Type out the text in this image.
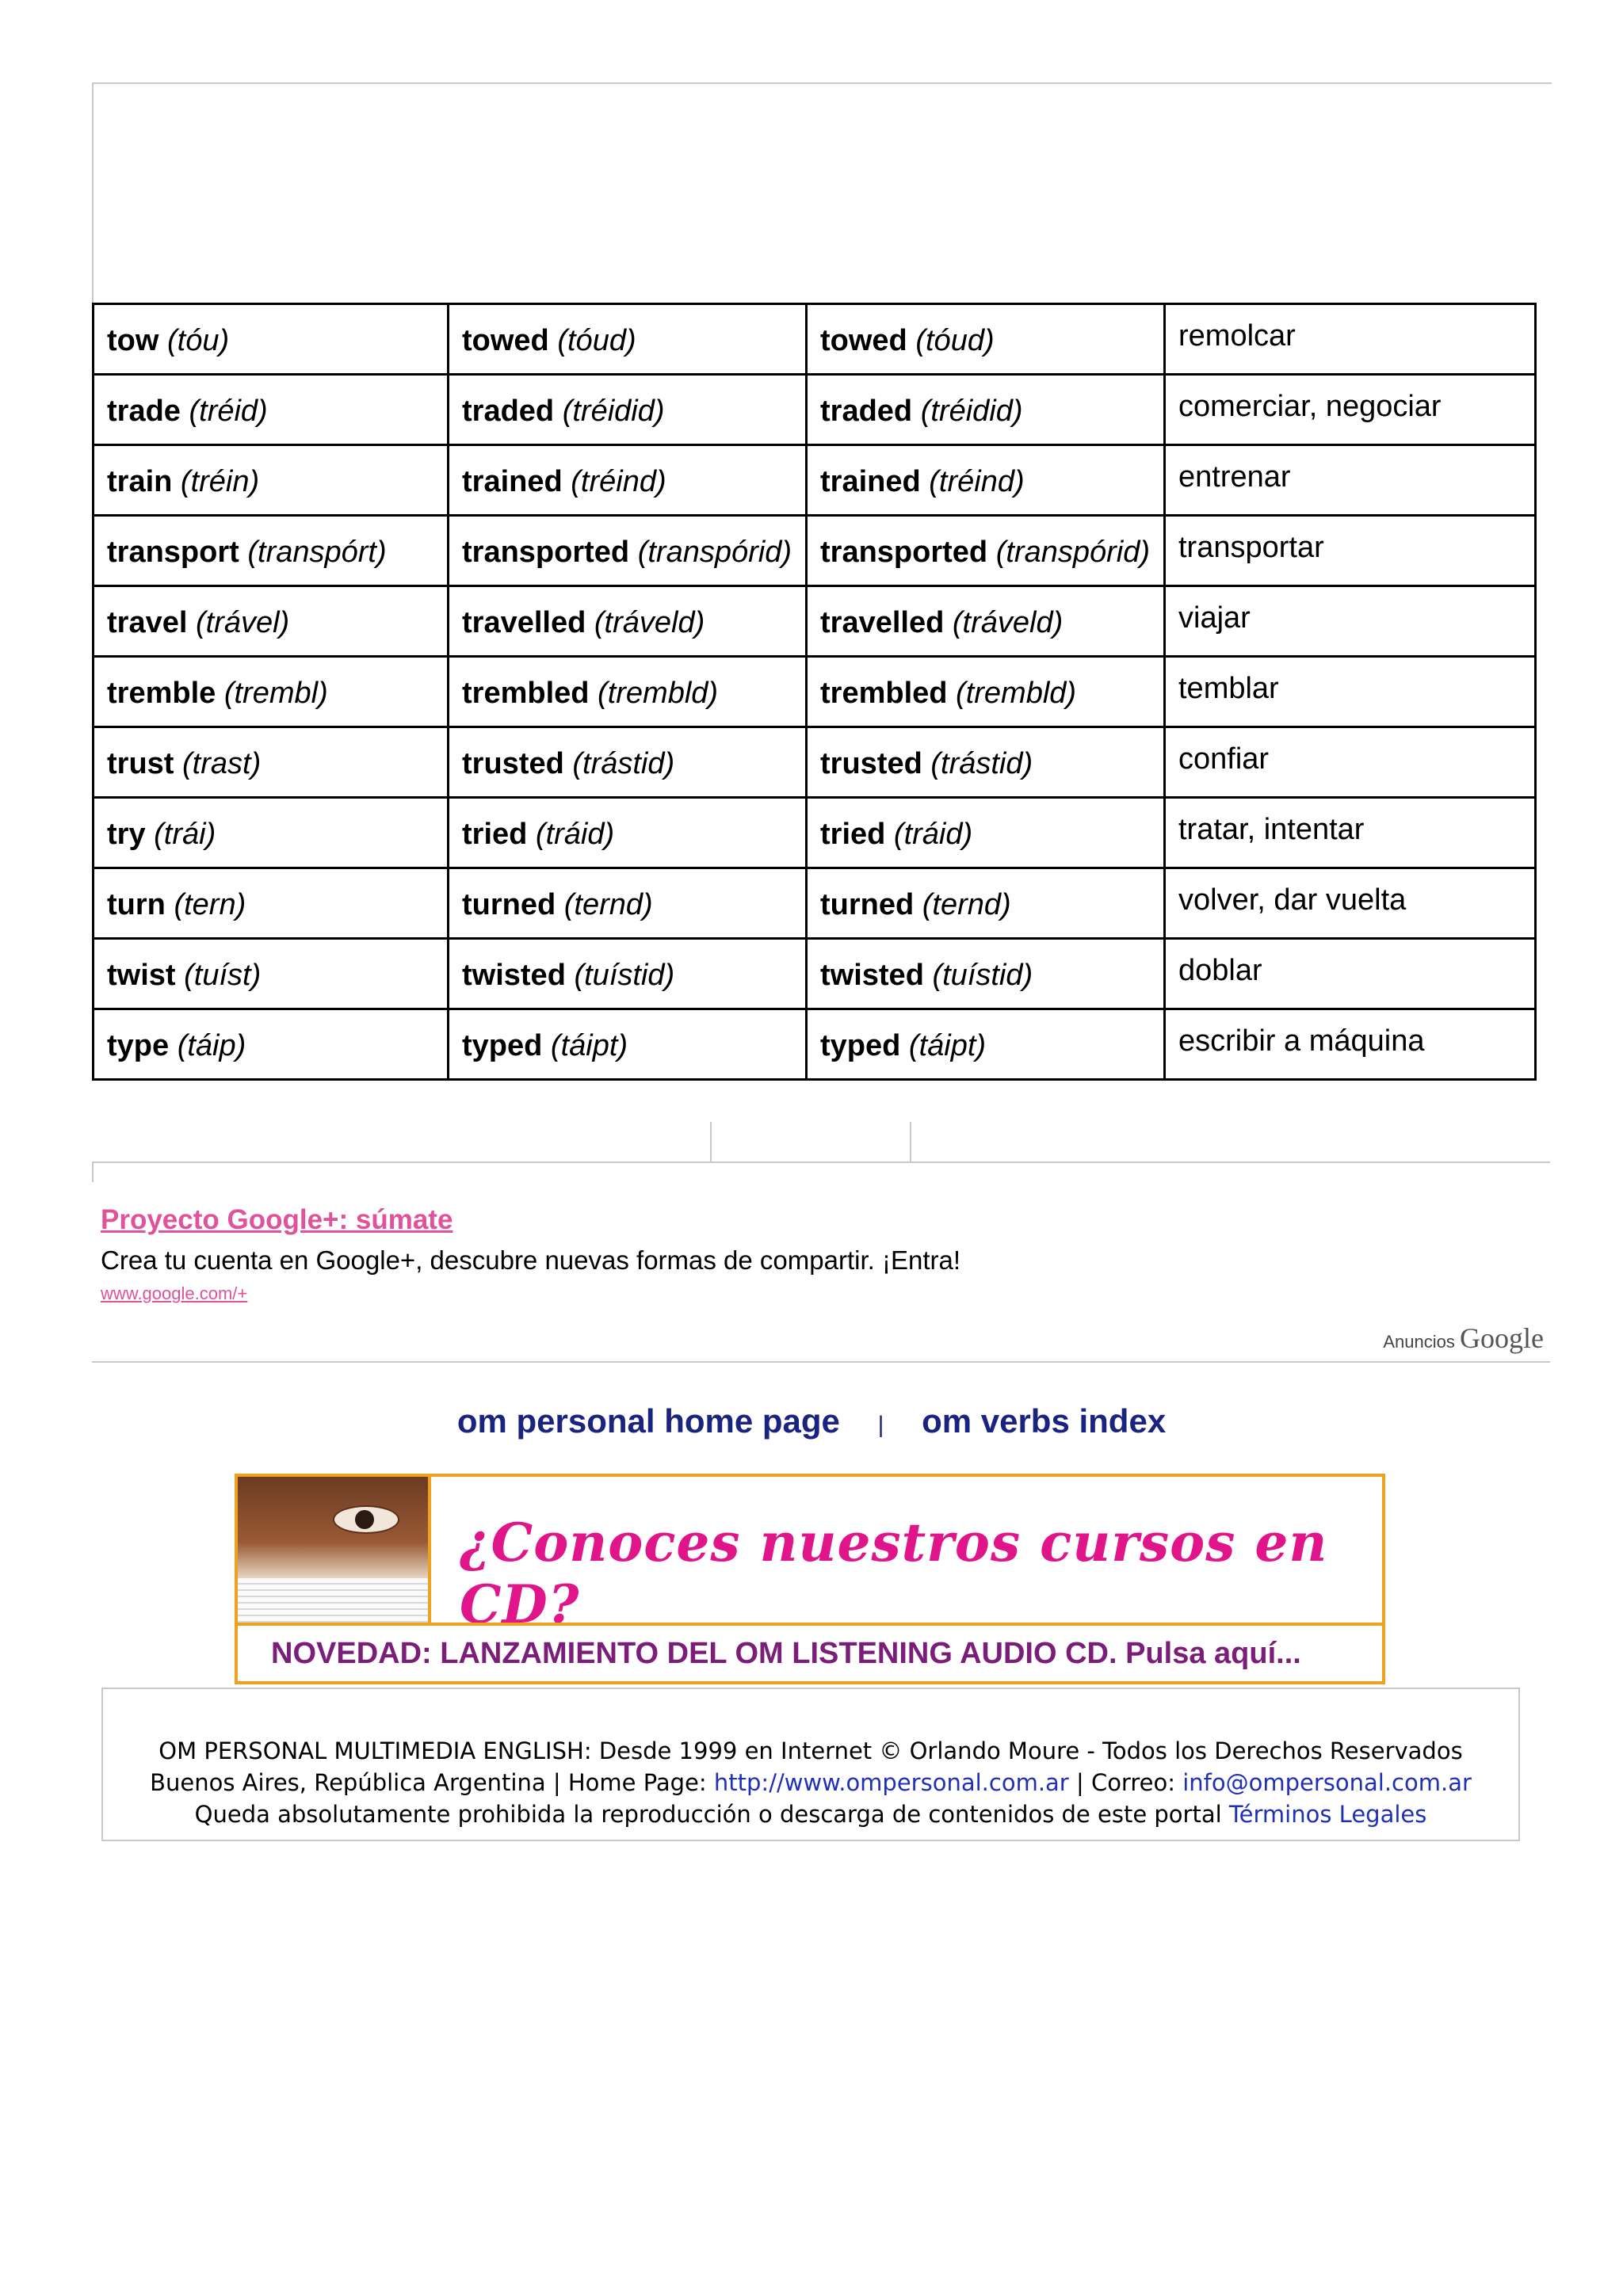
tow (tóu)	towed (tóud)	towed (tóud)	remolcar
trade (tréid)	traded (tréidid)	traded (tréidid)	comerciar, negociar
train (tréin)	trained (tréind)	trained (tréind)	entrenar
transport (transpórt)	transported (transpórid)	transported (transpórid)	transportar
travel (trável)	travelled (tráveld)	travelled (tráveld)	viajar
tremble (trembl)	trembled (trembld)	trembled (trembld)	temblar
trust (trast)	trusted (trástid)	trusted (trástid)	confiar
try (trái)	tried (tráid)	tried (tráid)	tratar, intentar
turn (tern)	turned (ternd)	turned (ternd)	volver, dar vuelta
twist (tuíst)	twisted (tuístid)	twisted (tuístid)	doblar
type (táip)	typed (táipt)	typed (táipt)	escribir a máquina
Proyecto Google+: súmate
Crea tu cuenta en Google+, descubre nuevas formas de compartir. ¡Entra!
www.google.com/+
Anuncios Google
om personal home page | om verbs index
¿Conoces nuestros cursos en CD?
NOVEDAD: LANZAMIENTO DEL OM LISTENING AUDIO CD. Pulsa aquí...
OM PERSONAL MULTIMEDIA ENGLISH: Desde 1999 en Internet © Orlando Moure - Todos los Derechos Reservados
Buenos Aires, República Argentina | Home Page: http://www.ompersonal.com.ar | Correo: info@ompersonal.com.ar
Queda absolutamente prohibida la reproducción o descarga de contenidos de este portal Términos Legales
